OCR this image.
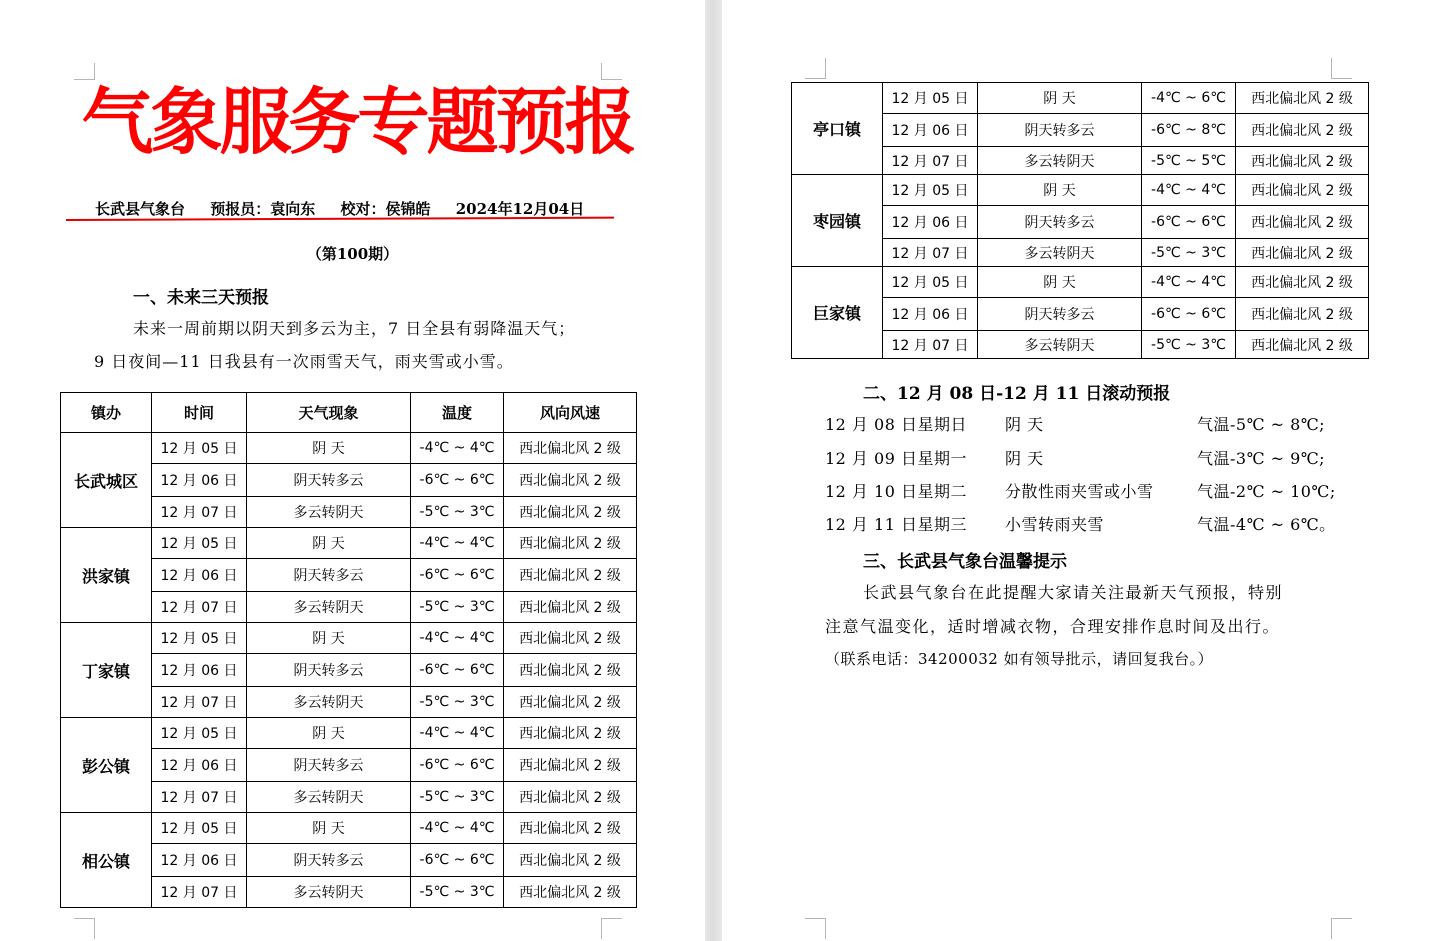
气象服务专题预报
长武县气象台 预报员：袁向东 校对：侯锦皓 2024年12月04日
（第100期）
一、未来三天预报
未来一周前期以阴天到多云为主，7 日全县有弱降温天气；
9 日夜间—11 日我县有一次雨雪天气，雨夹雪或小雪。
镇办	时间	天气现象	温度	风向风速
长武城区	12 月 05 日	阴 天	-4℃ ~ 4℃	西北偏北风 2 级
	12 月 06 日	阴天转多云	-6℃ ~ 6℃	西北偏北风 2 级
	12 月 07 日	多云转阴天	-5℃ ~ 3℃	西北偏北风 2 级
洪家镇	12 月 05 日	阴 天	-4℃ ~ 4℃	西北偏北风 2 级
	12 月 06 日	阴天转多云	-6℃ ~ 6℃	西北偏北风 2 级
	12 月 07 日	多云转阴天	-5℃ ~ 3℃	西北偏北风 2 级
丁家镇	12 月 05 日	阴 天	-4℃ ~ 4℃	西北偏北风 2 级
	12 月 06 日	阴天转多云	-6℃ ~ 6℃	西北偏北风 2 级
	12 月 07 日	多云转阴天	-5℃ ~ 3℃	西北偏北风 2 级
彭公镇	12 月 05 日	阴 天	-4℃ ~ 4℃	西北偏北风 2 级
	12 月 06 日	阴天转多云	-6℃ ~ 6℃	西北偏北风 2 级
	12 月 07 日	多云转阴天	-5℃ ~ 3℃	西北偏北风 2 级
相公镇	12 月 05 日	阴 天	-4℃ ~ 4℃	西北偏北风 2 级
	12 月 06 日	阴天转多云	-6℃ ~ 6℃	西北偏北风 2 级
	12 月 07 日	多云转阴天	-5℃ ~ 3℃	西北偏北风 2 级
亭口镇	12 月 05 日	阴 天	-4℃ ~ 6℃	西北偏北风 2 级
	12 月 06 日	阴天转多云	-6℃ ~ 8℃	西北偏北风 2 级
	12 月 07 日	多云转阴天	-5℃ ~ 5℃	西北偏北风 2 级
枣园镇	12 月 05 日	阴 天	-4℃ ~ 4℃	西北偏北风 2 级
	12 月 06 日	阴天转多云	-6℃ ~ 6℃	西北偏北风 2 级
	12 月 07 日	多云转阴天	-5℃ ~ 3℃	西北偏北风 2 级
巨家镇	12 月 05 日	阴 天	-4℃ ~ 4℃	西北偏北风 2 级
	12 月 06 日	阴天转多云	-6℃ ~ 6℃	西北偏北风 2 级
	12 月 07 日	多云转阴天	-5℃ ~ 3℃	西北偏北风 2 级
二、12 月 08 日-12 月 11 日滚动预报
12 月 08 日星期日 阴 天	气温-5℃ ~ 8℃;
12 月 09 日星期一 阴 天	气温-3℃ ~ 9℃;
12 月 10 日星期二 分散性雨夹雪或小雪	气温-2℃ ~ 10℃;
12 月 11 日星期三 小雪转雨夹雪	气温-4℃ ~ 6℃。
三、长武县气象台温馨提示
长武县气象台在此提醒大家请关注最新天气预报，特别
注意气温变化，适时增减衣物，合理安排作息时间及出行。
（联系电话：34200032 如有领导批示，请回复我台。）
